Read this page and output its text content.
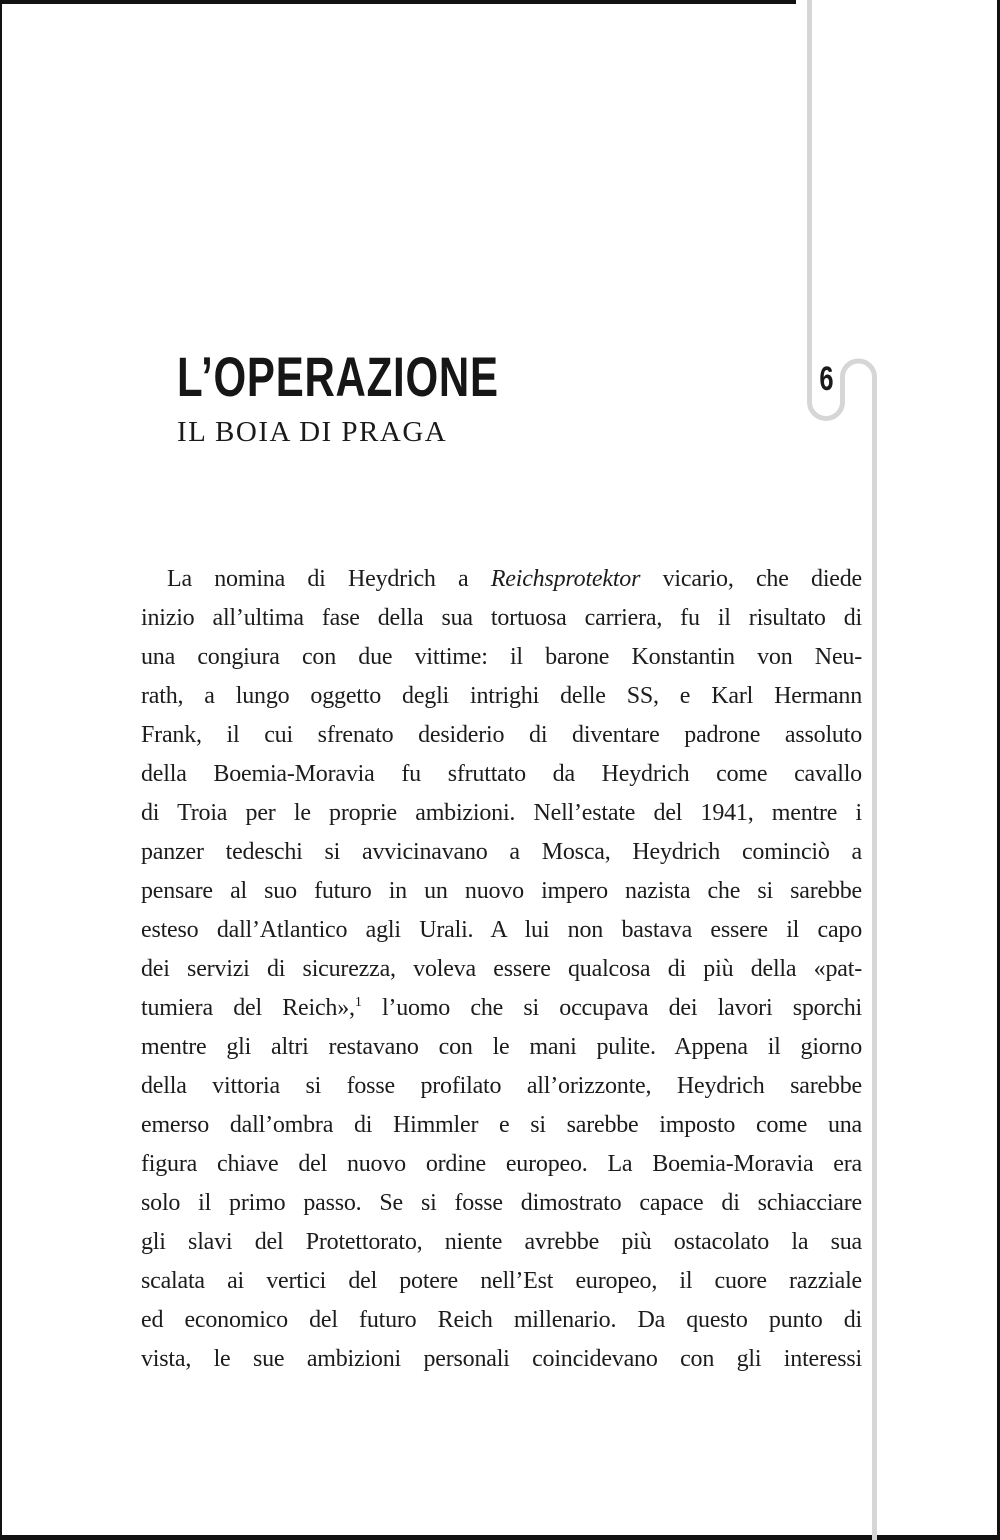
6
L’OPERAZIONE
IL BOIA DI PRAGA
La nomina di Heydrich a Reichsprotektor vicario, che diede
inizio all’ultima fase della sua tortuosa carriera, fu il risultato di
una congiura con due vittime: il barone Konstantin von Neu-
rath, a lungo oggetto degli intrighi delle SS, e Karl Hermann
Frank, il cui sfrenato desiderio di diventare padrone assoluto
della Boemia-Moravia fu sfruttato da Heydrich come cavallo
di Troia per le proprie ambizioni. Nell’estate del 1941, mentre i
panzer tedeschi si avvicinavano a Mosca, Heydrich cominciò a
pensare al suo futuro in un nuovo impero nazista che si sarebbe
esteso dall’Atlantico agli Urali. A lui non bastava essere il capo
dei servizi di sicurezza, voleva essere qualcosa di più della «pat-
tumiera del Reich»,$^1$ l’uomo che si occupava dei lavori sporchi
mentre gli altri restavano con le mani pulite. Appena il giorno
della vittoria si fosse profilato all’orizzonte, Heydrich sarebbe
emerso dall’ombra di Himmler e si sarebbe imposto come una
figura chiave del nuovo ordine europeo. La Boemia-Moravia era
solo il primo passo. Se si fosse dimostrato capace di schiacciare
gli slavi del Protettorato, niente avrebbe più ostacolato la sua
scalata ai vertici del potere nell’Est europeo, il cuore razziale
ed economico del futuro Reich millenario. Da questo punto di
vista, le sue ambizioni personali coincidevano con gli interessi
